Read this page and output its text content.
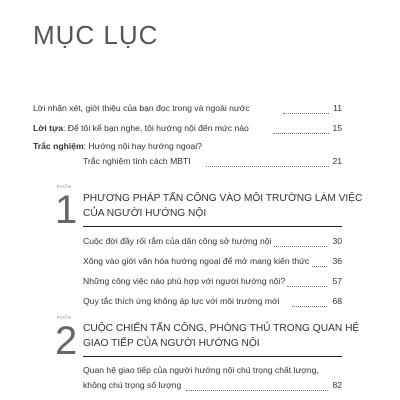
MỤC LỤC
Lời nhận xét, giới thiệu của bạn đọc trong và ngoài nước	11
Lời tựa: Để tôi kể bạn nghe, tôi hướng nội đến mức nào	15
Trắc nghiệm: Hướng nội hay hướng ngoại?
Trắc nghiệm tính cách MBTI	21
PHẦN
1 PHƯƠNG PHÁP TẤN CÔNG VÀO MÔI TRƯỜNG LÀM VIỆC
CỦA NGƯỜI HƯỚNG NỘI
Cuộc đời đầy rối rắm của dân công sở hướng nội	30
Xông vào giới văn hóa hướng ngoại để mở mang kiến thức	36
Những công việc nào phù hợp với người hướng nội?	57
Quy tắc thích ứng không áp lực với môi trường mới	68
PHẦN
2 CUỘC CHIẾN TẤN CÔNG, PHÒNG THỦ TRONG QUAN HỆ
GIAO TIẾP CỦA NGƯỜI HƯỚNG NỘI
Quan hệ giao tiếp của người hướng nội chú trọng chất lượng,
không chú trọng số lượng	82
